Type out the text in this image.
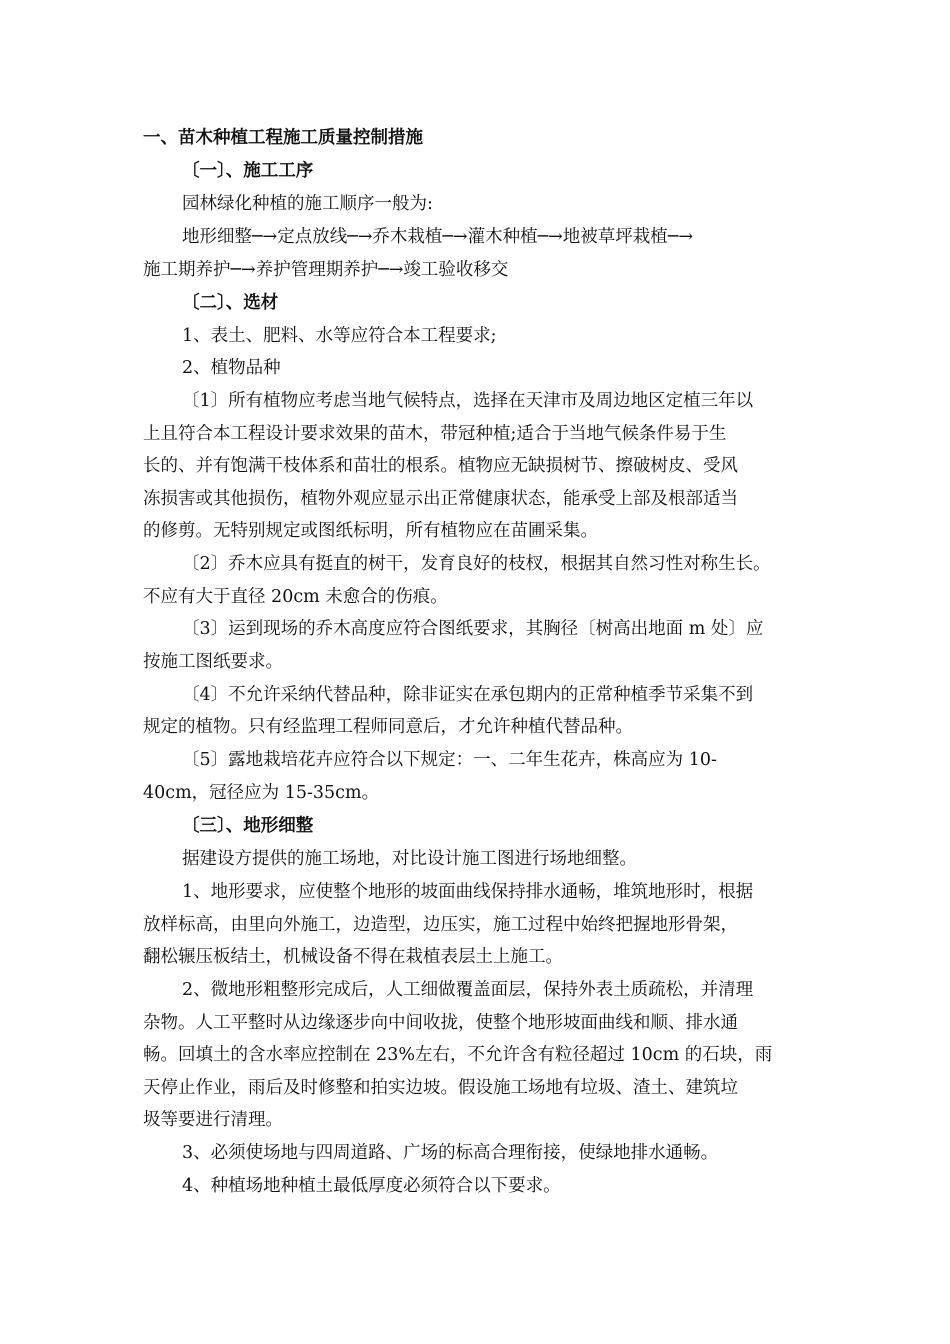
一、苗木种植工程施工质量控制措施
〔一〕、施工工序
园林绿化种植的施工顺序一般为:
地形细整─→定点放线─→乔木栽植─→灌木种植─→地被草坪栽植─→
施工期养护─→养护管理期养护─→竣工验收移交
〔二〕、选材
1、表土、肥料、水等应符合本工程要求;
2、植物品种
〔1〕所有植物应考虑当地气候特点，选择在天津市及周边地区定植三年以
上且符合本工程设计要求效果的苗木，带冠种植;适合于当地气候条件易于生
长的、并有饱满干枝体系和苗壮的根系。植物应无缺损树节、擦破树皮、受风
冻损害或其他损伤，植物外观应显示出正常健康状态，能承受上部及根部适当
的修剪。无特别规定或图纸标明，所有植物应在苗圃采集。
〔2〕乔木应具有挺直的树干，发育良好的枝杈，根据其自然习性对称生长。
不应有大于直径 20cm 未愈合的伤痕。
〔3〕运到现场的乔木高度应符合图纸要求，其胸径〔树高出地面 m 处〕应
按施工图纸要求。
〔4〕不允许采纳代替品种，除非证实在承包期内的正常种植季节采集不到
规定的植物。只有经监理工程师同意后，才允许种植代替品种。
〔5〕露地栽培花卉应符合以下规定：一、二年生花卉，株高应为 10-
40cm，冠径应为 15-35cm。
〔三〕、地形细整
据建设方提供的施工场地，对比设计施工图进行场地细整。
1、地形要求，应使整个地形的坡面曲线保持排水通畅，堆筑地形时，根据
放样标高，由里向外施工，边造型，边压实，施工过程中始终把握地形骨架，
翻松辗压板结土，机械设备不得在栽植表层土上施工。
2、微地形粗整形完成后，人工细做覆盖面层，保持外表土质疏松，并清理
杂物。人工平整时从边缘逐步向中间收拢，使整个地形坡面曲线和顺、排水通
畅。回填土的含水率应控制在 23%左右，不允许含有粒径超过 10cm 的石块，雨
天停止作业，雨后及时修整和拍实边坡。假设施工场地有垃圾、渣土、建筑垃
圾等要进行清理。
3、必须使场地与四周道路、广场的标高合理衔接，使绿地排水通畅。
4、种植场地种植土最低厚度必须符合以下要求。
